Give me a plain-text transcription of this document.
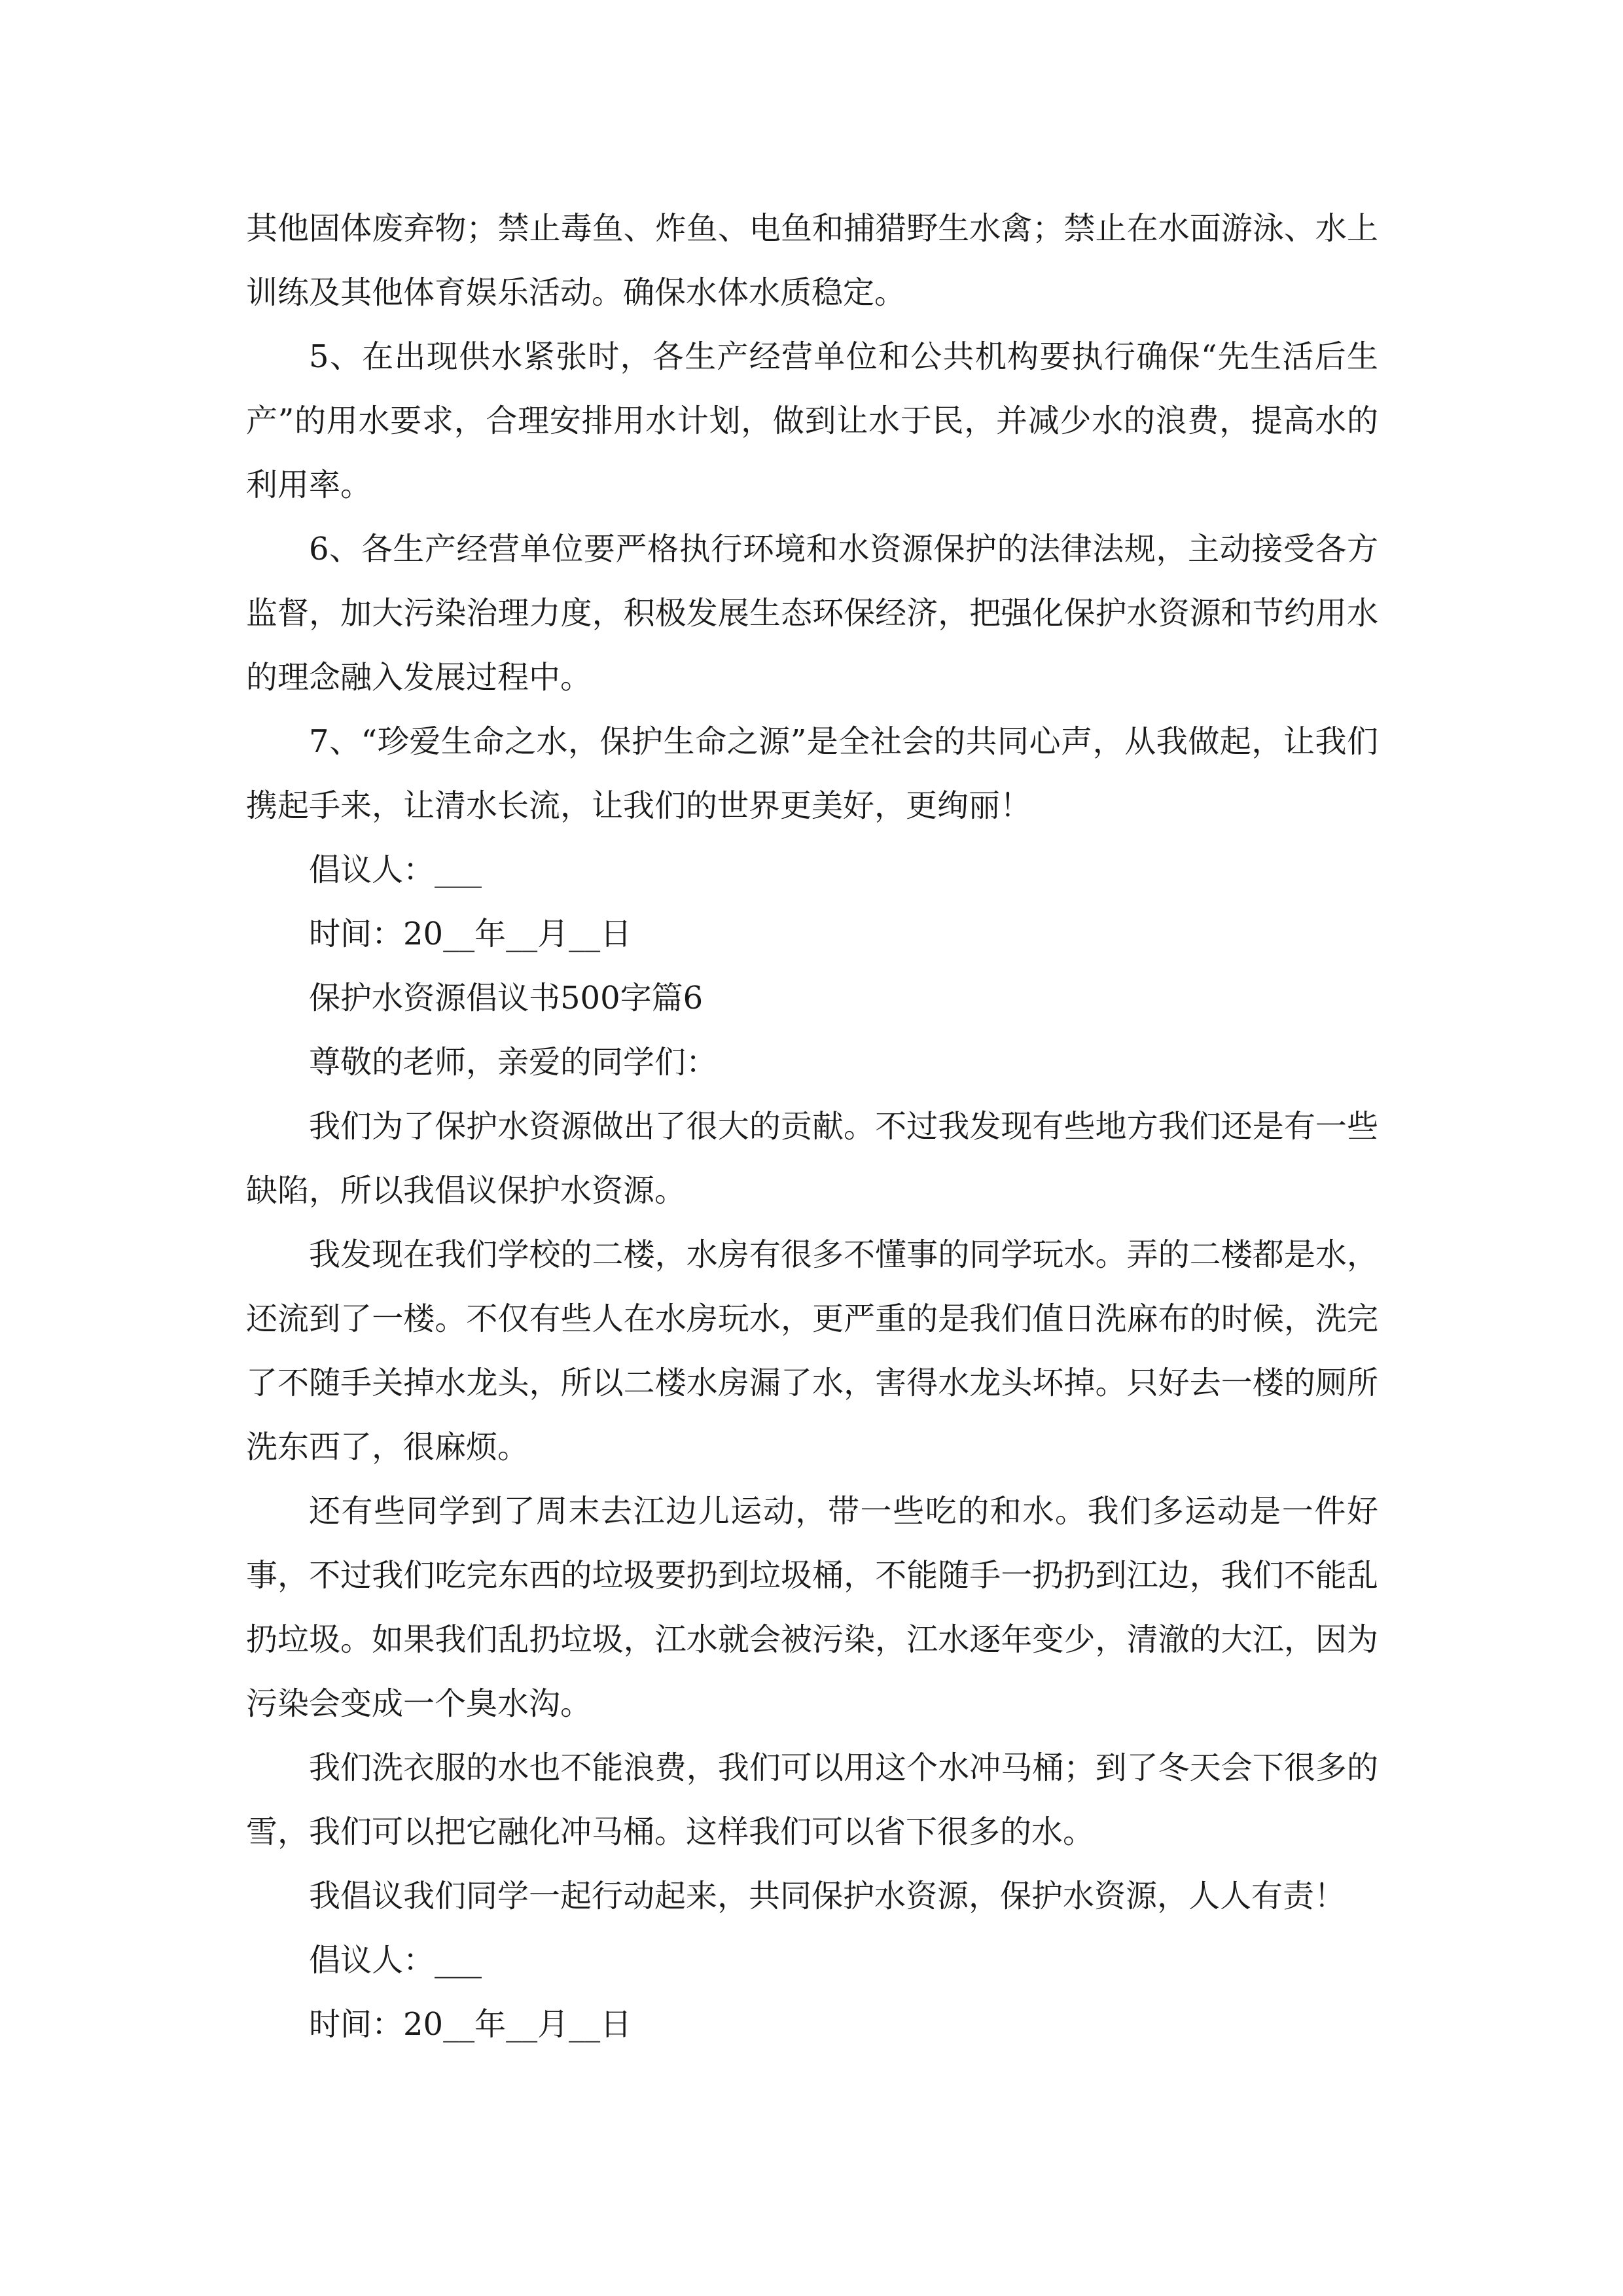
其他固体废弃物；禁止毒鱼、炸鱼、电鱼和捕猎野生水禽；禁止在水面游泳、水上训练及其他体育娱乐活动。确保水体水质稳定。

5、在出现供水紧张时，各生产经营单位和公共机构要执行确保“先生活后生产”的用水要求，合理安排用水计划，做到让水于民，并减少水的浪费，提高水的利用率。

6、各生产经营单位要严格执行环境和水资源保护的法律法规，主动接受各方监督，加大污染治理力度，积极发展生态环保经济，把强化保护水资源和节约用水的理念融入发展过程中。

7、“珍爱生命之水，保护生命之源”是全社会的共同心声，从我做起，让我们携起手来，让清水长流，让我们的世界更美好，更绚丽！

倡议人：___

时间：20__年__月__日

保护水资源倡议书500字篇6

尊敬的老师，亲爱的同学们：

我们为了保护水资源做出了很大的贡献。不过我发现有些地方我们还是有一些缺陷，所以我倡议保护水资源。

我发现在我们学校的二楼，水房有很多不懂事的同学玩水。弄的二楼都是水，还流到了一楼。不仅有些人在水房玩水，更严重的是我们值日洗麻布的时候，洗完了不随手关掉水龙头，所以二楼水房漏了水，害得水龙头坏掉。只好去一楼的厕所洗东西了，很麻烦。

还有些同学到了周末去江边儿运动，带一些吃的和水。我们多运动是一件好事，不过我们吃完东西的垃圾要扔到垃圾桶，不能随手一扔扔到江边，我们不能乱扔垃圾。如果我们乱扔垃圾，江水就会被污染，江水逐年变少，清澈的大江，因为污染会变成一个臭水沟。

我们洗衣服的水也不能浪费，我们可以用这个水冲马桶；到了冬天会下很多的雪，我们可以把它融化冲马桶。这样我们可以省下很多的水。

我倡议我们同学一起行动起来，共同保护水资源，保护水资源，人人有责！

倡议人：___

时间：20__年__月__日
